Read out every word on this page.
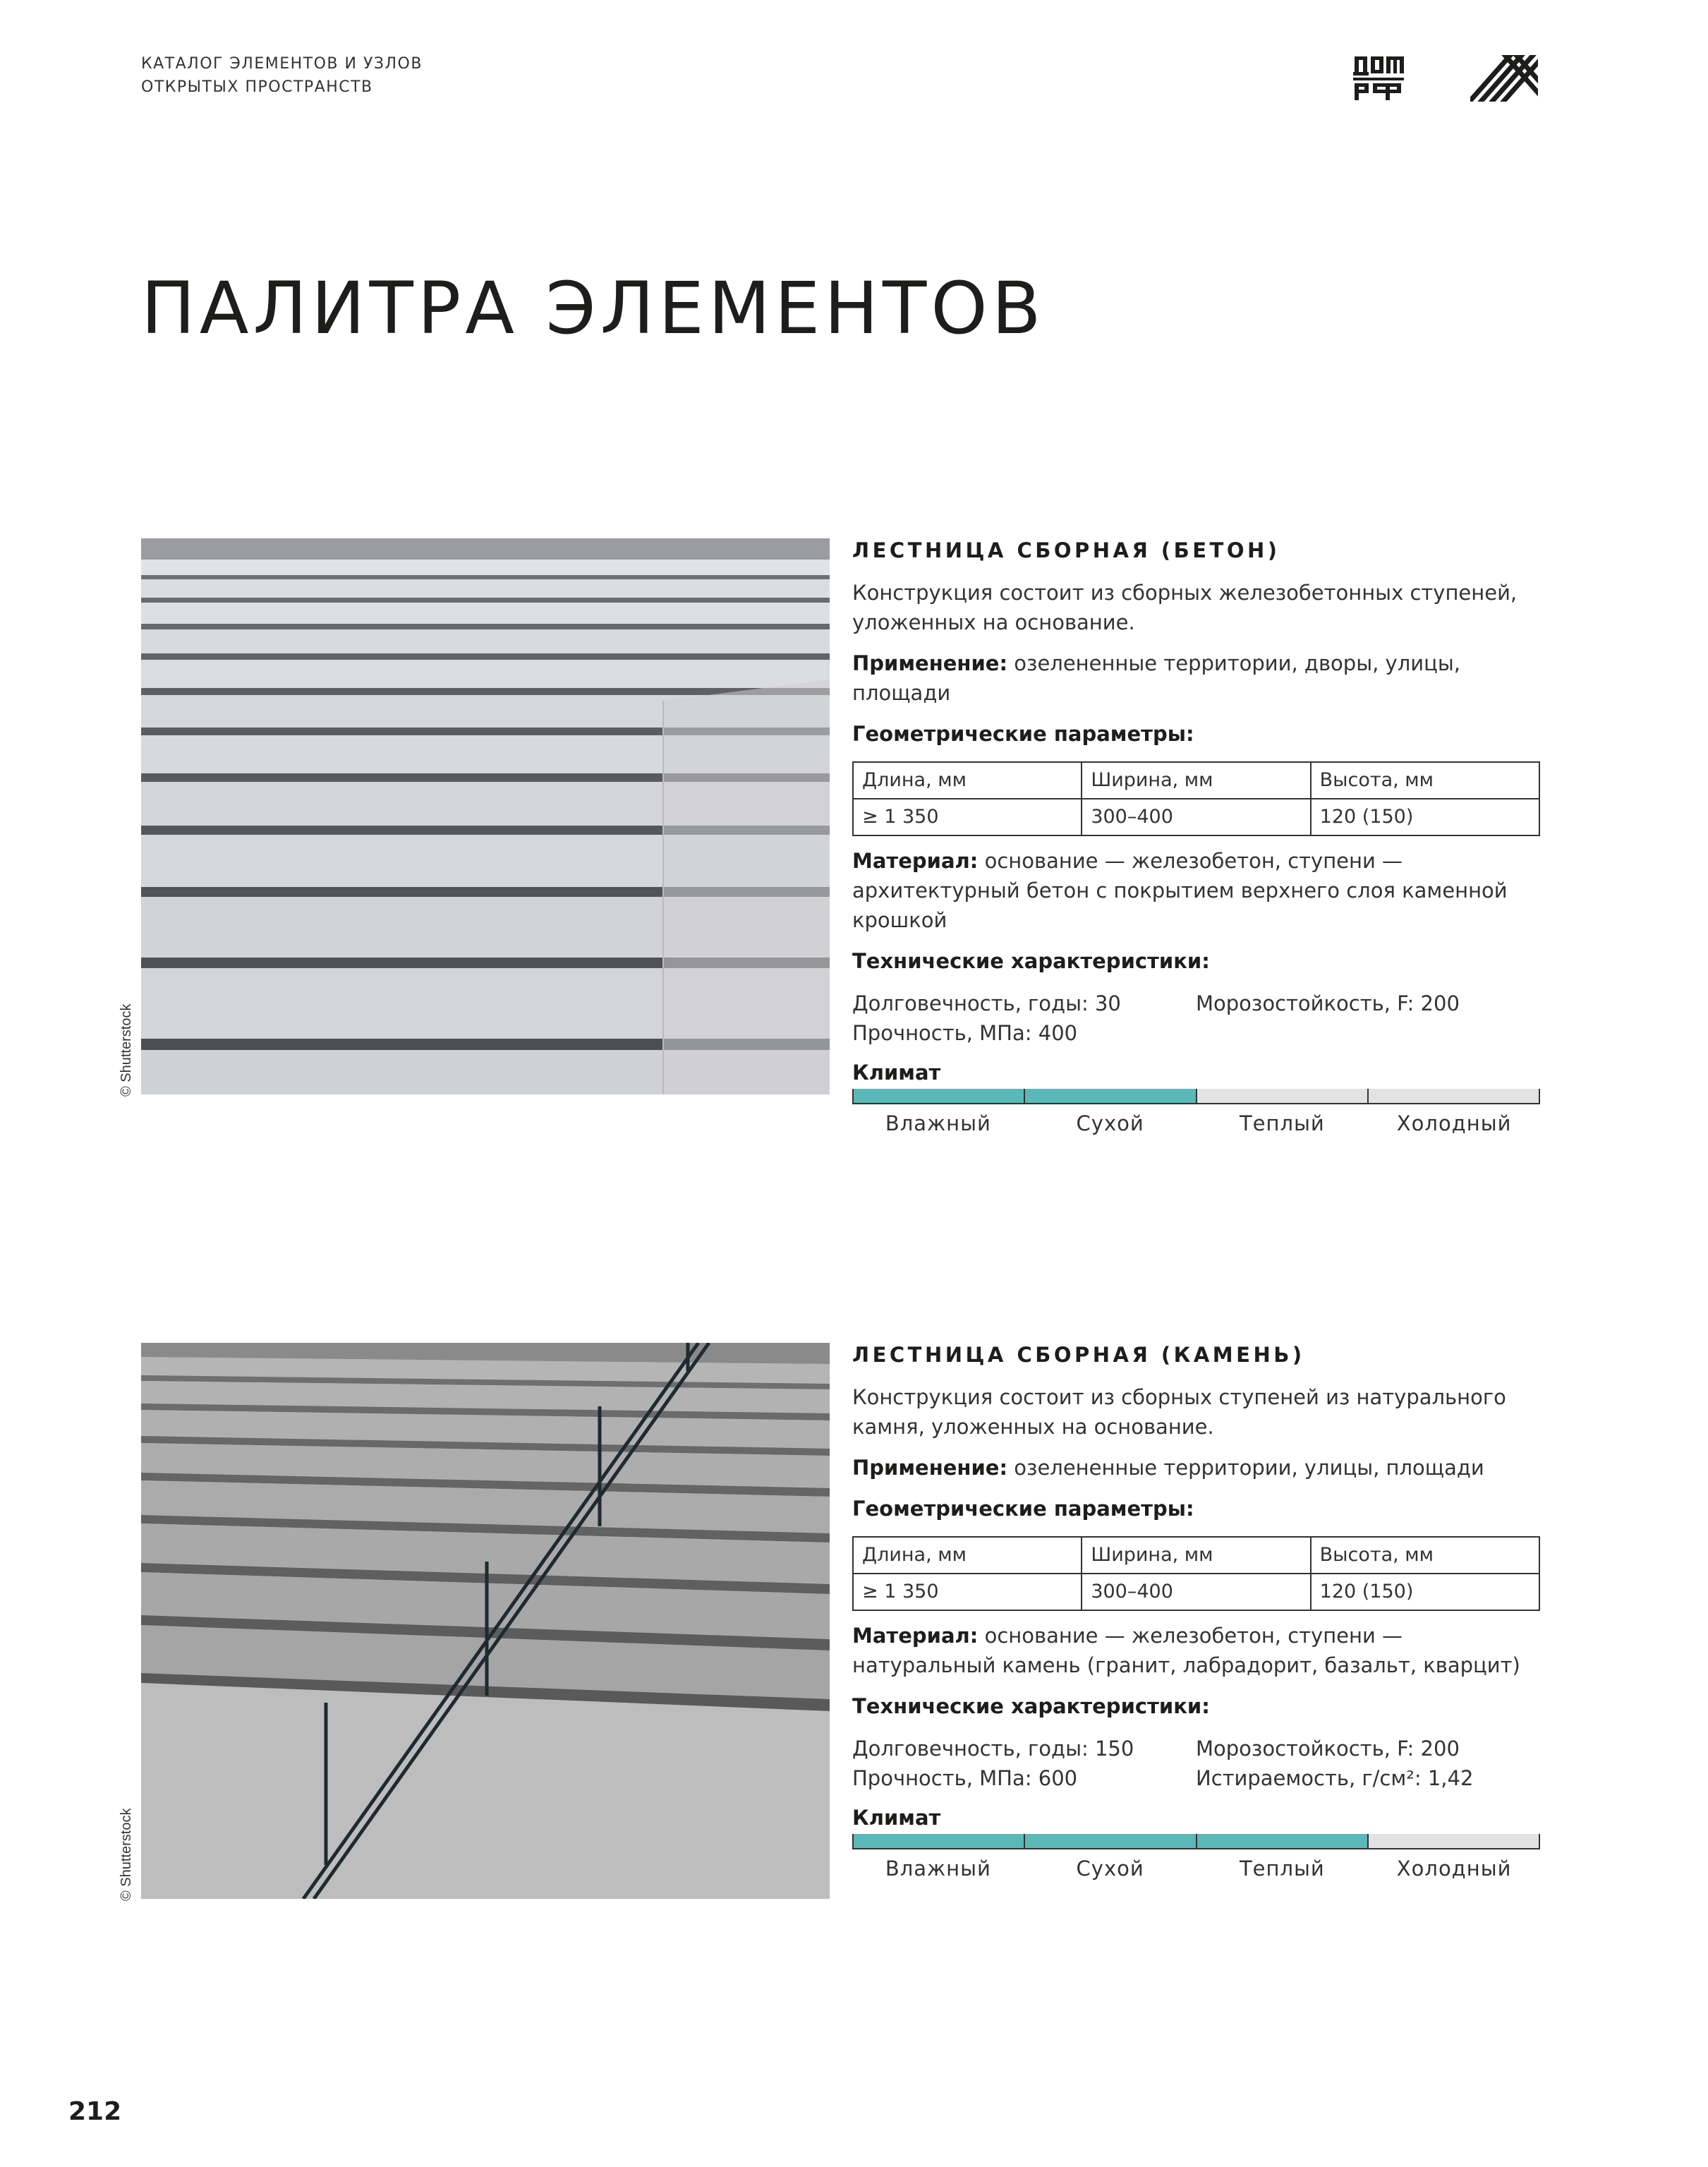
КАТАЛОГ ЭЛЕМЕНТОВ И УЗЛОВ
ОТКРЫТЫХ ПРОСТРАНСТВ
ПАЛИТРА ЭЛЕМЕНТОВ
© Shutterstock
ЛЕСТНИЦА СБОРНАЯ (БЕТОН)

Конструкция состоит из сборных железобетонных ступеней, уложенных на основание.

Применение: озелененные территории, дворы, улицы, площади

Геометрические параметры:
Длина, мм	Ширина, мм	Высота, мм
≥ 1 350	300–400	120 (150)

Материал: основание — железобетон, ступени — архитектурный бетон с покрытием верхнего слоя каменной крошкой

Технические характеристики:
Долговечность, годы: 30	Морозостойкость, F: 200
Прочность, МПа: 400
Климат
Влажный	Сухой	Теплый	Холодный
© Shutterstock
ЛЕСТНИЦА СБОРНАЯ (КАМЕНЬ)

Конструкция состоит из сборных ступеней из натурального камня, уложенных на основание.

Применение: озелененные территории, улицы, площади

Геометрические параметры:
Длина, мм	Ширина, мм	Высота, мм
≥ 1 350	300–400	120 (150)

Материал: основание — железобетон, ступени — натуральный камень (гранит, лабрадорит, базальт, кварцит)

Технические характеристики:
Долговечность, годы: 150	Морозостойкость, F: 200
Прочность, МПа: 600	Истираемость, г/см²: 1,42
Климат
Влажный	Сухой	Теплый	Холодный
212
